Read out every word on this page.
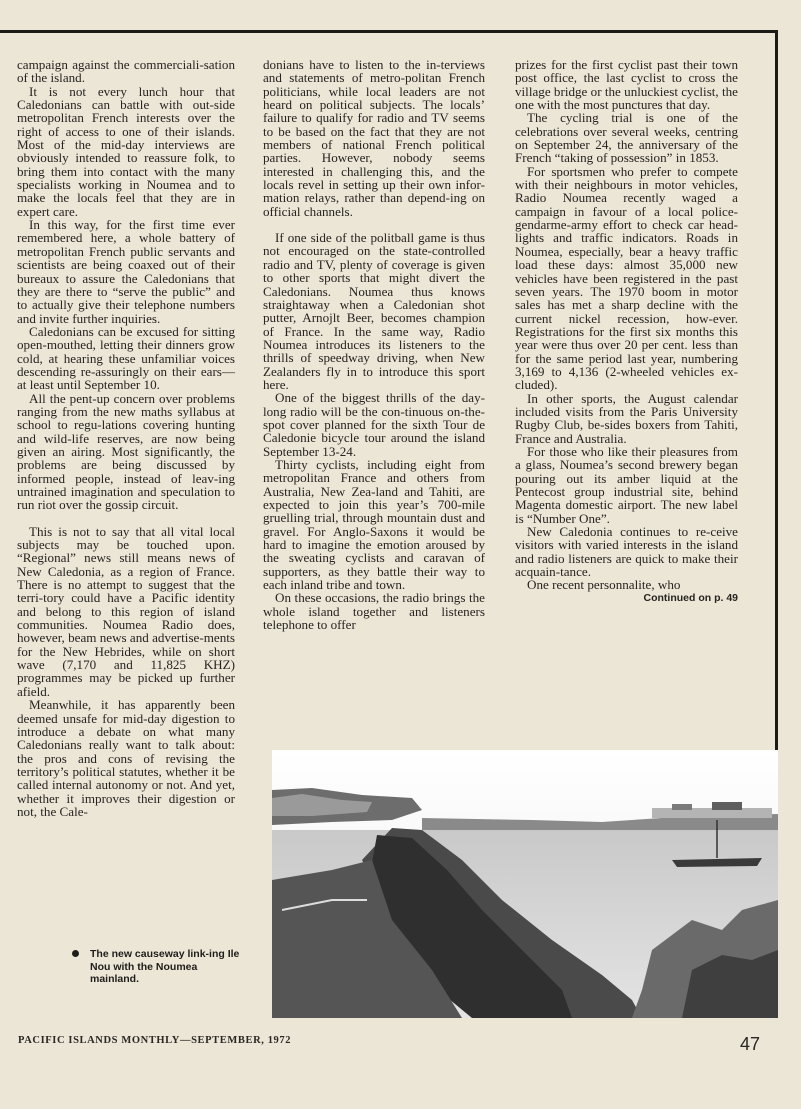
campaign against the commerciali-sation of the island.

It is not every lunch hour that Caledonians can battle with out-side metropolitan French interests over the right of access to one of their islands. Most of the mid-day interviews are obviously intended to reassure folk, to bring them into contact with the many specialists working in Noumea and to make the locals feel that they are in expert care.

In this way, for the first time ever remembered here, a whole battery of metropolitan French public servants and scientists are being coaxed out of their bureaux to assure the Caledonians that they are there to “serve the public” and to actually give their telephone numbers and invite further inquiries.

Caledonians can be excused for sitting open-mouthed, letting their dinners grow cold, at hearing these unfamiliar voices descending re-assuringly on their ears—at least until September 10.

All the pent-up concern over problems ranging from the new maths syllabus at school to regu-lations covering hunting and wild-life reserves, are now being given an airing. Most significantly, the problems are being discussed by informed people, instead of leav-ing untrained imagination and speculation to run riot over the gossip circuit.

This is not to say that all vital local subjects may be touched upon. “Regional” news still means news of New Caledonia, as a region of France. There is no attempt to suggest that the terri-tory could have a Pacific identity and belong to this region of island communities. Noumea Radio does, however, beam news and advertise-ments for the New Hebrides, while on short wave (7,170 and 11,825 KHZ) programmes may be picked up further afield.

Meanwhile, it has apparently been deemed unsafe for mid-day digestion to introduce a debate on what many Caledonians really want to talk about: the pros and cons of revising the territory’s political statutes, whether it be called internal autonomy or not. And yet, whether it improves their digestion or not, the Cale-

donians have to listen to the in-terviews and statements of metro-politan French politicians, while local leaders are not heard on political subjects. The locals’ failure to qualify for radio and TV seems to be based on the fact that they are not members of national French political parties. However, nobody seems interested in challenging this, and the locals revel in setting up their own infor-mation relays, rather than depend-ing on official channels.

If one side of the politball game is thus not encouraged on the state-controlled radio and TV, plenty of coverage is given to other sports that might divert the Caledonians. Noumea thus knows straightaway when a Caledonian shot putter, Arnojlt Beer, becomes champion of France. In the same way, Radio Noumea introduces its listeners to the thrills of speedway driving, when New Zealanders fly in to introduce this sport here.

One of the biggest thrills of the day-long radio will be the con-tinuous on-the-spot cover planned for the sixth Tour de Caledonie bicycle tour around the island September 13-24.

Thirty cyclists, including eight from metropolitan France and others from Australia, New Zea-land and Tahiti, are expected to join this year’s 700-mile gruelling trial, through mountain dust and gravel. For Anglo-Saxons it would be hard to imagine the emotion aroused by the sweating cyclists and caravan of supporters, as they battle their way to each inland tribe and town.

On these occasions, the radio brings the whole island together and listeners telephone to offer

prizes for the first cyclist past their town post office, the last cyclist to cross the village bridge or the unluckiest cyclist, the one with the most punctures that day.

The cycling trial is one of the celebrations over several weeks, centring on September 24, the anniversary of the French “taking of possession” in 1853.

For sportsmen who prefer to compete with their neighbours in motor vehicles, Radio Noumea recently waged a campaign in favour of a local police-gendarme-army effort to check car head-lights and traffic indicators. Roads in Noumea, especially, bear a heavy traffic load these days: almost 35,000 new vehicles have been registered in the past seven years. The 1970 boom in motor sales has met a sharp decline with the current nickel recession, how-ever. Registrations for the first six months this year were thus over 20 per cent. less than for the same period last year, numbering 3,169 to 4,136 (2-wheeled vehicles ex-cluded).

In other sports, the August calendar included visits from the Paris University Rugby Club, be-sides boxers from Tahiti, France and Australia.

For those who like their pleasures from a glass, Noumea’s second brewery began pouring out its amber liquid at the Pentecost group industrial site, behind Magenta domestic airport. The new label is “Number One”.

New Caledonia continues to re-ceive visitors with varied interests in the island and radio listeners are quick to make their acquain-tance.

One recent personnalite, who

Continued on p. 49
The new causeway link-ing Ile Nou with the Noumea mainland.
PACIFIC ISLANDS MONTHLY—SEPTEMBER, 1972	47
